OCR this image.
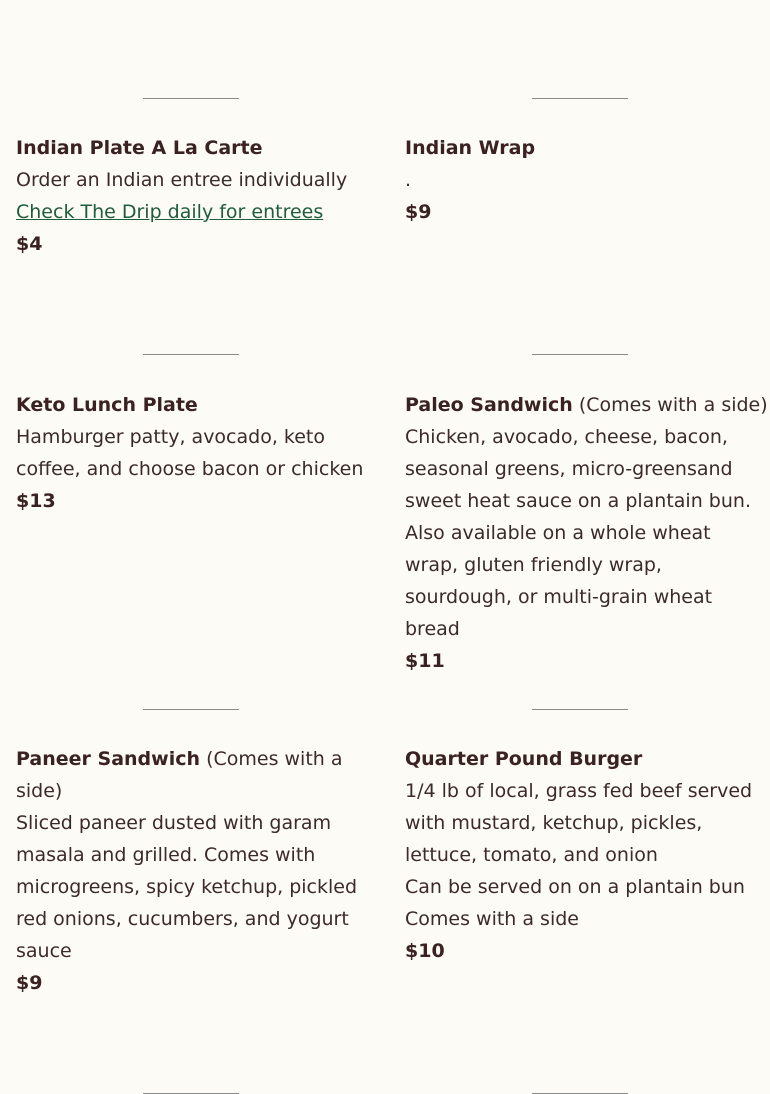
Indian Plate A La Carte

Order an Indian entree individually

Check The Drip daily for entrees

$4

Indian Wrap

.

$9

Keto Lunch Plate

Hamburger patty, avocado, keto

coffee, and choose bacon or chicken

$13

Paleo Sandwich (Comes with a side)

Chicken, avocado, cheese, bacon,

seasonal greens, micro-greensand

sweet heat sauce on a plantain bun.

Also available on a whole wheat

wrap, gluten friendly wrap,

sourdough, or multi-grain wheat

bread

$11

Paneer Sandwich (Comes with a

side)

Sliced paneer dusted with garam

masala and grilled. Comes with

microgreens, spicy ketchup, pickled

red onions, cucumbers, and yogurt

sauce

$9

Quarter Pound Burger

1/4 lb of local, grass fed beef served

with mustard, ketchup, pickles,

lettuce, tomato, and onion

Can be served on on a plantain bun

Comes with a side

$10
